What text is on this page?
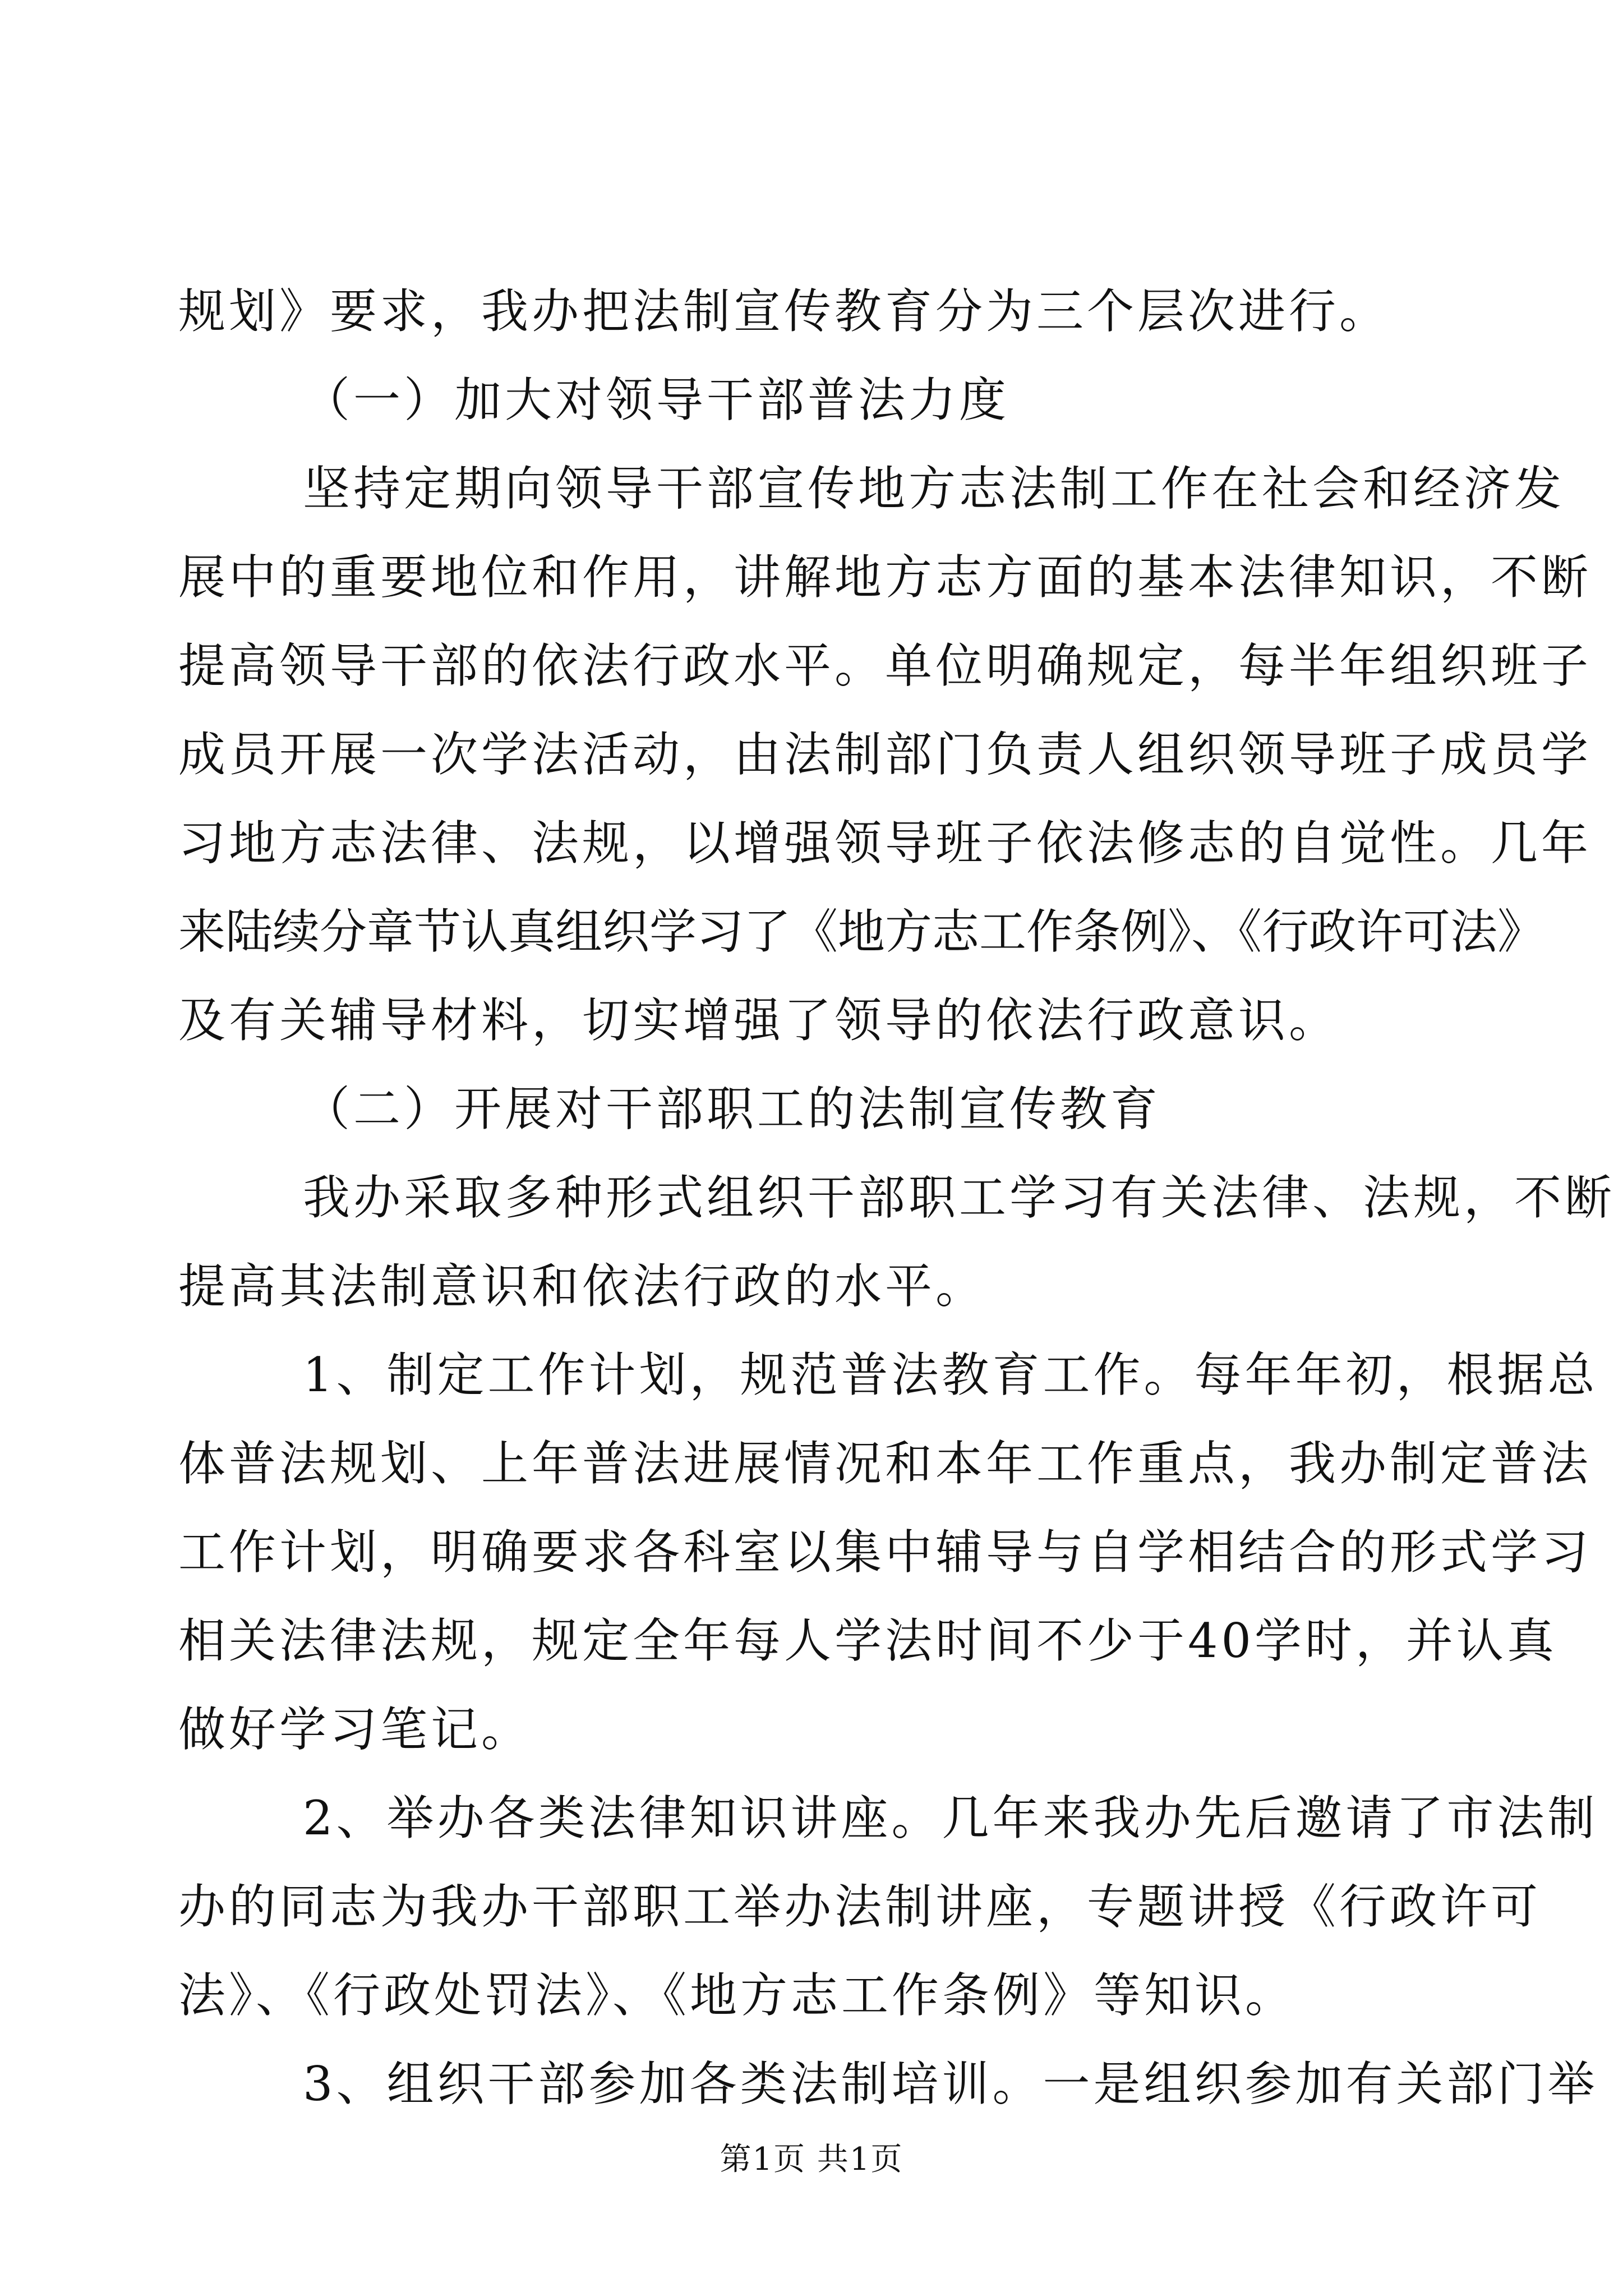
规划》要求，我办把法制宣传教育分为三个层次进行。
（一）加大对领导干部普法力度
坚持定期向领导干部宣传地方志法制工作在社会和经济发
展中的重要地位和作用，讲解地方志方面的基本法律知识，不断
提高领导干部的依法行政水平。单位明确规定，每半年组织班子
成员开展一次学法活动，由法制部门负责人组织领导班子成员学
习地方志法律、法规，以增强领导班子依法修志的自觉性。几年
来陆续分章节认真组织学习了《地方志工作条例》、《行政许可法》
及有关辅导材料，切实增强了领导的依法行政意识。
（二）开展对干部职工的法制宣传教育
我办采取多种形式组织干部职工学习有关法律、法规，不断
提高其法制意识和依法行政的水平。
1、制定工作计划，规范普法教育工作。每年年初，根据总
体普法规划、上年普法进展情况和本年工作重点，我办制定普法
工作计划，明确要求各科室以集中辅导与自学相结合的形式学习
相关法律法规，规定全年每人学法时间不少于40学时，并认真
做好学习笔记。
2、举办各类法律知识讲座。几年来我办先后邀请了市法制
办的同志为我办干部职工举办法制讲座，专题讲授《行政许可
法》、《行政处罚法》、《地方志工作条例》等知识。
3、组织干部参加各类法制培训。一是组织参加有关部门举
第1页 共1页
